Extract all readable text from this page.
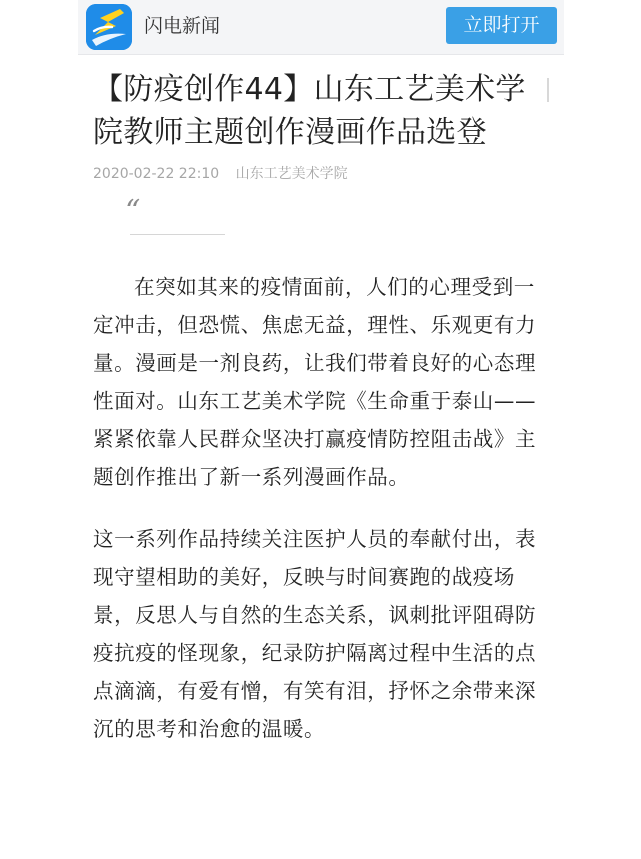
闪电新闻	立即打开
【防疫创作44】山东工艺美术学院教师主题创作漫画作品选登
2020-02-22 22:10 山东工艺美术学院
“

在突如其来的疫情面前，人们的心理受到一定冲击，但恐慌、焦虑无益，理性、乐观更有力量。漫画是一剂良药，让我们带着良好的心态理性面对。山东工艺美术学院《生命重于泰山——紧紧依靠人民群众坚决打赢疫情防控阻击战》主题创作推出了新一系列漫画作品。

这一系列作品持续关注医护人员的奉献付出，表现守望相助的美好，反映与时间赛跑的战疫场景，反思人与自然的生态关系，讽刺批评阻碍防疫抗疫的怪现象，纪录防护隔离过程中生活的点点滴滴，有爱有憎，有笑有泪，抒怀之余带来深沉的思考和治愈的温暖。
